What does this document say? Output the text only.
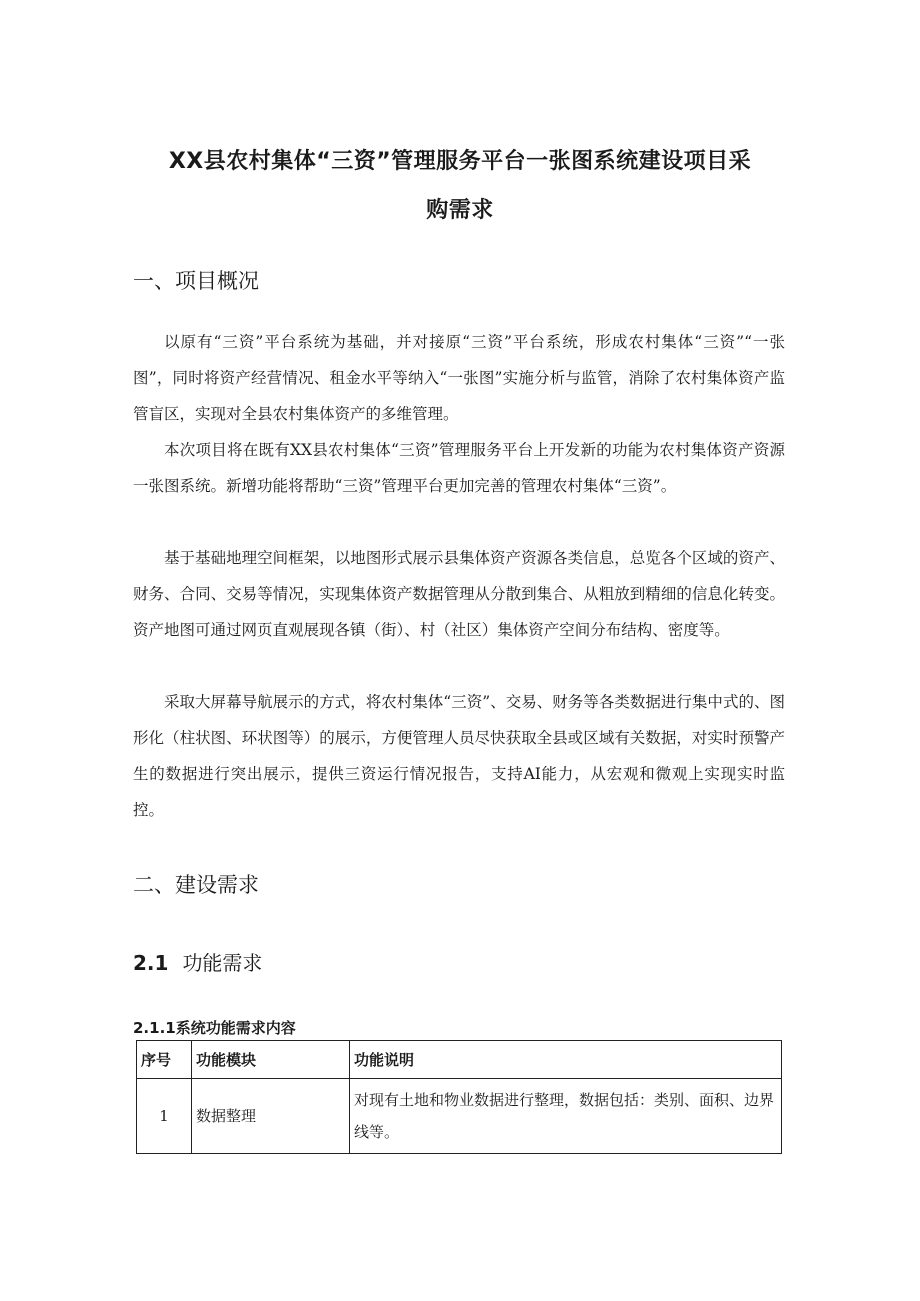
XX县农村集体“三资”管理服务平台一张图系统建设项目采
购需求
一、项目概况

以原有“三资”平台系统为基础，并对接原“三资”平台系统，形成农村集体“三资”“一张图”，同时将资产经营情况、租金水平等纳入“一张图”实施分析与监管，消除了农村集体资产监管盲区，实现对全县农村集体资产的多维管理。

本次项目将在既有XX县农村集体“三资”管理服务平台上开发新的功能为农村集体资产资源一张图系统。新增功能将帮助“三资”管理平台更加完善的管理农村集体“三资”。

基于基础地理空间框架，以地图形式展示县集体资产资源各类信息，总览各个区域的资产、财务、合同、交易等情况，实现集体资产数据管理从分散到集合、从粗放到精细的信息化转变。资产地图可通过网页直观展现各镇（街）、村（社区）集体资产空间分布结构、密度等。

采取大屏幕导航展示的方式，将农村集体“三资”、交易、财务等各类数据进行集中式的、图形化（柱状图、环状图等）的展示，方便管理人员尽快获取全县或区域有关数据，对实时预警产生的数据进行突出展示，提供三资运行情况报告，支持AI能力，从宏观和微观上实现实时监控。

二、建设需求
2.1 功能需求
2.1.1系统功能需求内容
序号	功能模块	功能说明
1	数据整理	对现有土地和物业数据进行整理，数据包括：类别、面积、边界线等。
